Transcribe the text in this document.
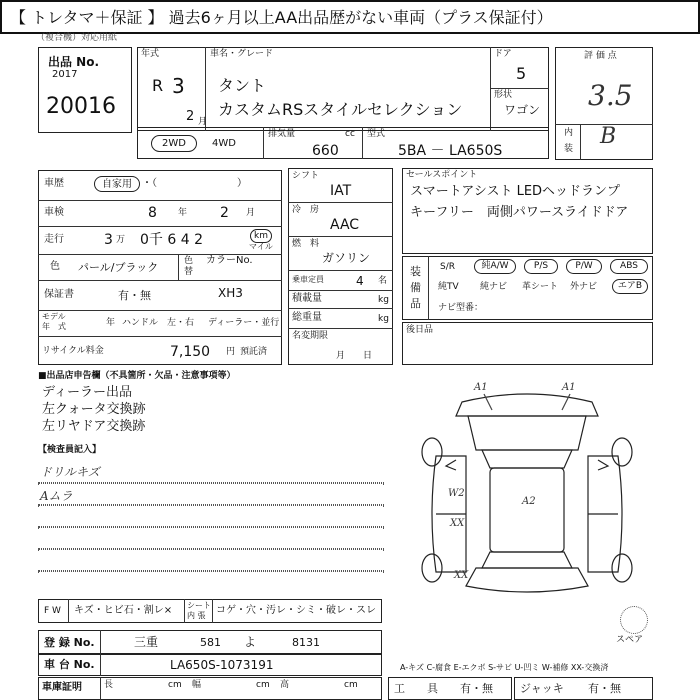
【 トレタマ＋保証 】 過去6ヶ月以上AA出品歴がない車両（プラス保証付）
（複合機）対応用紙
出品 No.
2017
20016
年式
R 3
2 月
車名・グレード
タント
カスタムRSスタイルセレクション
ドア
5
形状
ワゴン
2WD	4WD
排気量	cc
660
型式
5BA － LA650S
評 価 点
3.5
内
装 B
車歴	自家用	・（　　　　　　　　）
車検	8 年 2 月
走行	3 万 0千 6 4 2	km
マイル
色 パール/ブラック	色
替
カラーNo.
保証書	有・無	XH3
モデル
年　式	年 ハンドル　左・右 ディーラー・並行
リサイクル料金	7,150 円 預託済
シフト
IAT
冷　房
AAC
燃　料
ガソリン
乗車定員	4 名
積載量	kg
総重量	kg
名変期限
月　　日
セールスポイント
スマートアシスト LEDヘッドランプ
キーフリー　両側パワースライドドア
装
備
品
S/R	純A/W	P/S	P/W	ABS
純TV 純ナビ 革シート 外ナビ	エアB
ナビ型番：
後日品
■出品店申告欄（不具箇所・欠品・注意事項等）
ディーラー出品
左クォータ交換跡
左リヤドア交換跡
【検査員記入】
ドリルキズ
Aムラ
A1	A1
W2
A2
XX
XX
スペア
F W キズ・ヒビ石・割レ× シート
内 張 コゲ・穴・汚レ・シミ・破レ・スレ
登 録 No.	三重	581 よ	8131
車 台 No.	LA650S-1073191	A-キズ C-腐食 E-エクボ S-サビ U-凹ミ W-補修 XX-交換済
車庫証明 長	cm 幅	cm 高	cm	工　　具 有・無 ジャッキ 有・無
